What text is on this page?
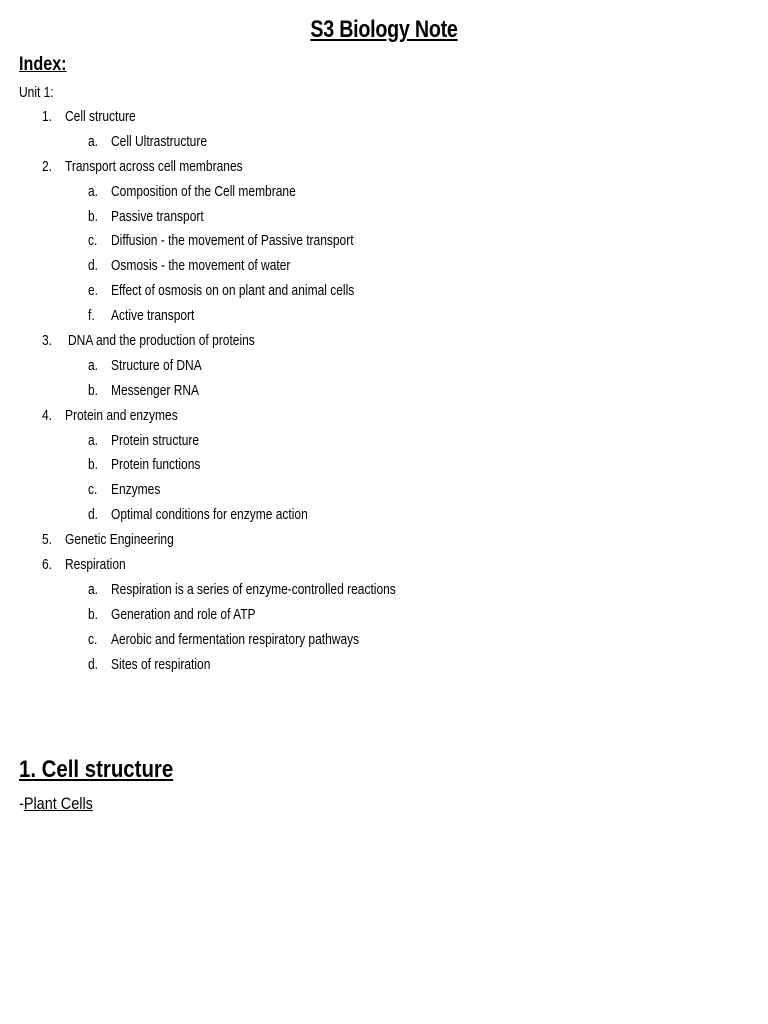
S3 Biology Note
Index:
Unit 1:
1. Cell structure
a. Cell Ultrastructure
2. Transport across cell membranes
a. Composition of the Cell membrane
b. Passive transport
c. Diffusion - the movement of Passive transport
d. Osmosis - the movement of water
e. Effect of osmosis on on plant and animal cells
f. Active transport
3. DNA and the production of proteins
a. Structure of DNA
b. Messenger RNA
4. Protein and enzymes
a. Protein structure
b. Protein functions
c. Enzymes
d. Optimal conditions for enzyme action
5. Genetic Engineering
6. Respiration
a. Respiration is a series of enzyme-controlled reactions
b. Generation and role of ATP
c. Aerobic and fermentation respiratory pathways
d. Sites of respiration
1. Cell structure
-Plant Cells
